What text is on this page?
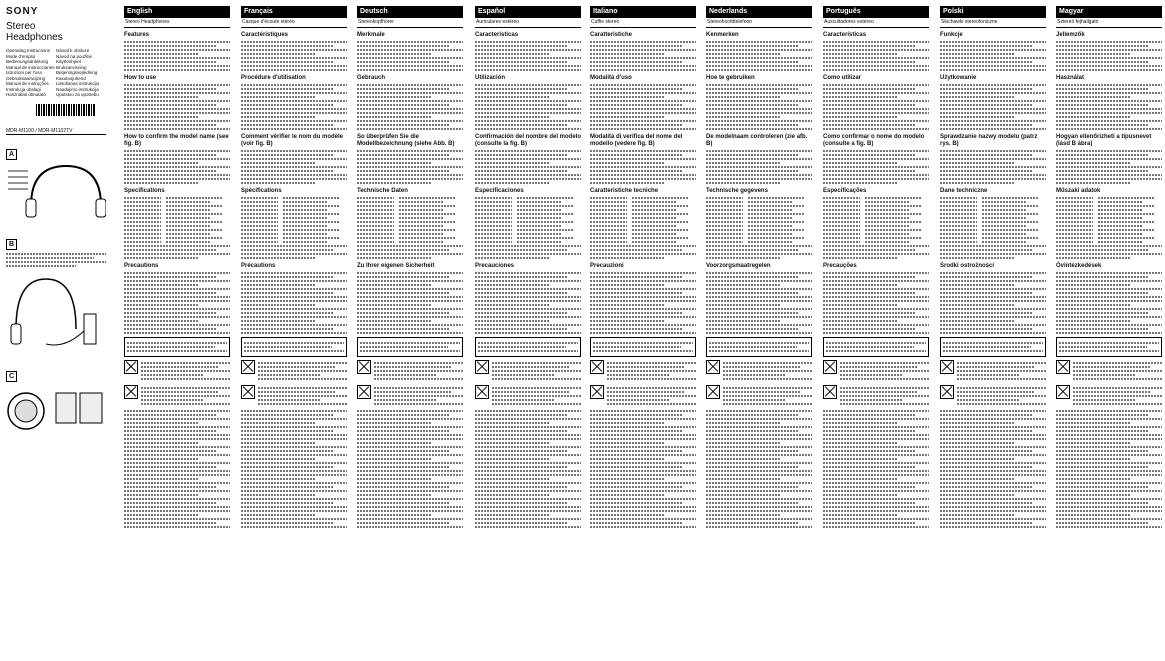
SONY
Stereo
Headphones
Operating Instructions	Návod k obsluze
Mode d'emploi	Návod na použitie
Bedienungsanleitung	Käyttöohjeet
Manual de instrucciones Bruksanvisning
Istruzioni per l'uso	Betjeningsvejledning
Gebruiksaanwijzing	Kasutusjuhend
Manual de instruções	Lietošanas instrukcija
Instrukcja obsługi	Naudojimo instrukcija
Használati útmutató	Uputstvo za upotrebu
MDR-M1100 / MDR-M1102TV
A
B
C
English
Stereo Headphones
Features
How to use
How to confirm the model name (see fig. B)
Specifications
Precautions
Français
Casque d'écoute stéréo
Caractéristiques
Procédure d'utilisation
Comment vérifier le nom du modèle (voir fig. B)
Spécifications
Précautions
Deutsch
Stereokopfhörer
Merkmale
Gebrauch
So überprüfen Sie die Modellbezeichnung (siehe Abb. B)
Technische Daten
Zu Ihrer eigenen Sicherheit
Español
Auriculares estéreo
Características
Utilización
Confirmación del nombre del modelo (consulte la fig. B)
Especificaciones
Precauciones
Italiano
Cuffie stereo
Caratteristiche
Modalità d'uso
Modalità di verifica del nome del modello (vedere fig. B)
Caratteristiche tecniche
Precauzioni
Nederlands
Stereohoofdtelefoon
Kenmerken
Hoe te gebruiken
De modelnaam controleren (zie afb. B)
Technische gegevens
Voorzorgsmaatregelen
Português
Auscultadores estéreo
Características
Como utilizar
Como confirmar o nome do modelo (consulte a fig. B)
Especificações
Precauções
Polski
Słuchawki stereofoniczne
Funkcje
Użytkowanie
Sprawdzanie nazwy modelu (patrz rys. B)
Dane techniczne
Środki ostrożności
Magyar
Sztereó fejhallgató
Jellemzők
Használat
Hogyan ellenőrizheti a típusnevet (lásd B ábra)
Műszaki adatok
Óvintézkedések
